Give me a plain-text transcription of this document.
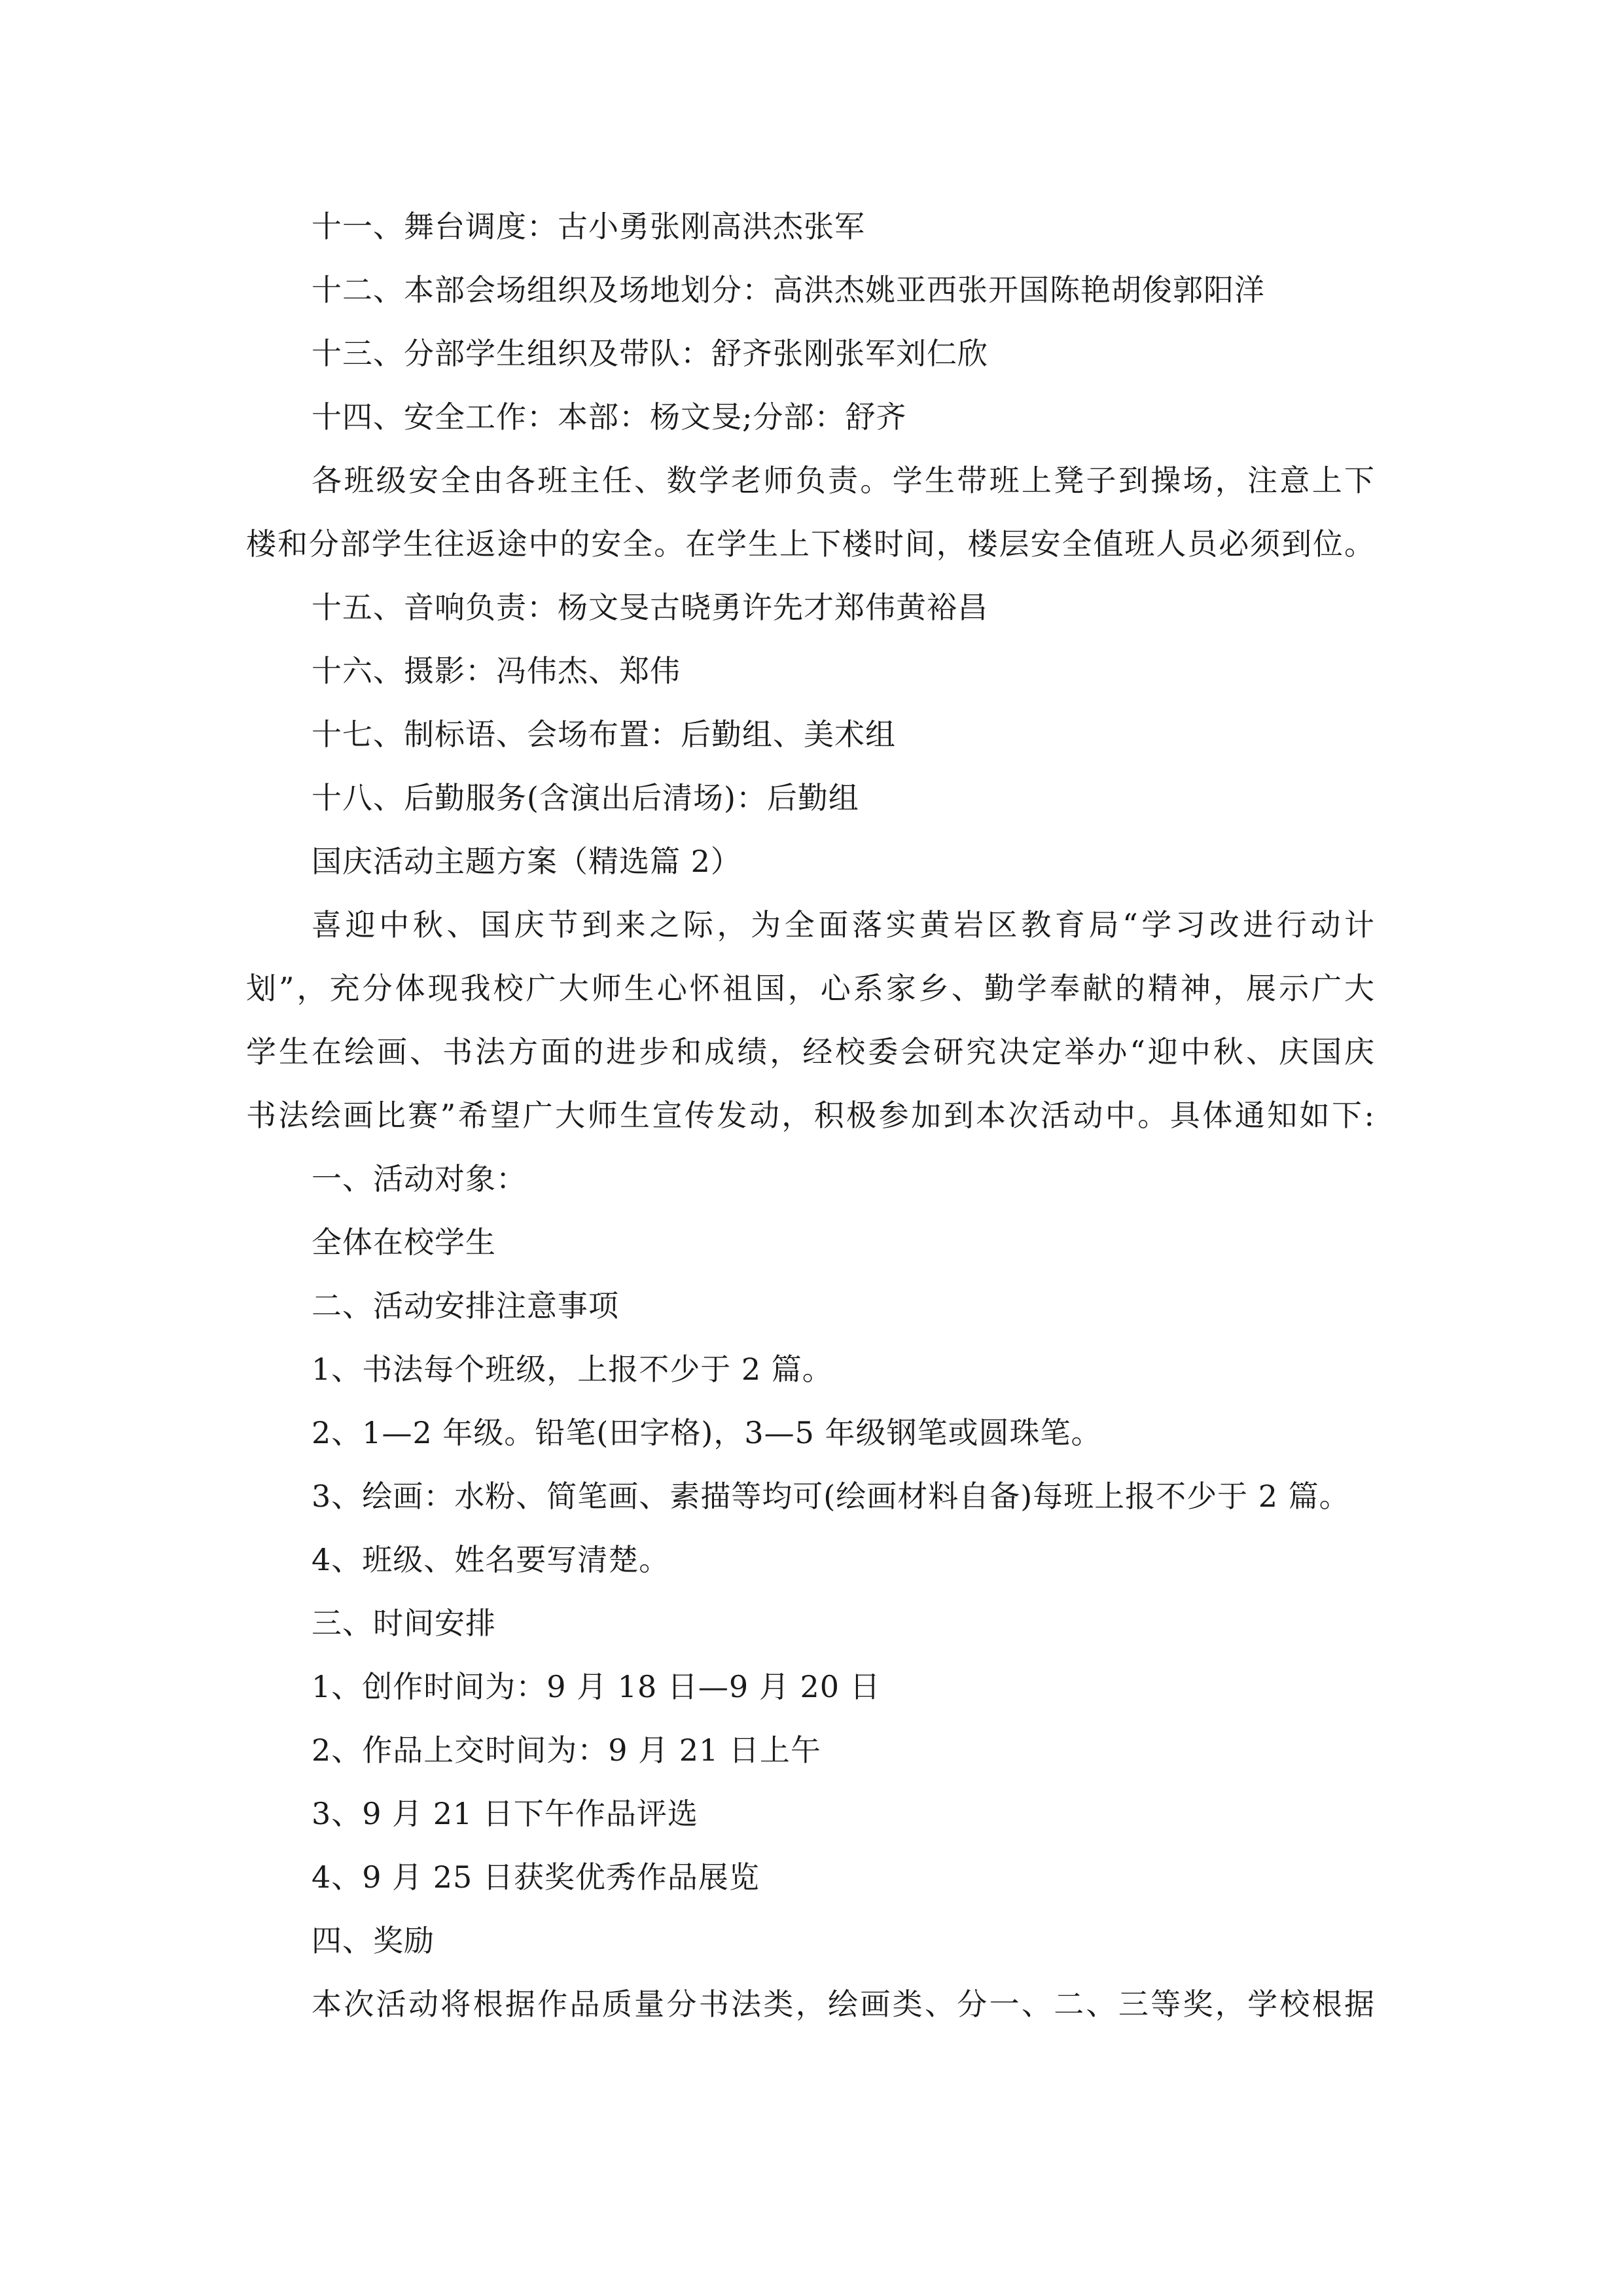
十一、舞台调度：古小勇张刚高洪杰张军
十二、本部会场组织及场地划分：高洪杰姚亚西张开国陈艳胡俊郭阳洋
十三、分部学生组织及带队：舒齐张刚张军刘仁欣
十四、安全工作：本部：杨文旻;分部：舒齐
各班级安全由各班主任、数学老师负责。学生带班上凳子到操场，注意上下
楼和分部学生往返途中的安全。在学生上下楼时间，楼层安全值班人员必须到位。
十五、音响负责：杨文旻古晓勇许先才郑伟黄裕昌
十六、摄影：冯伟杰、郑伟
十七、制标语、会场布置：后勤组、美术组
十八、后勤服务(含演出后清场)：后勤组
国庆活动主题方案（精选篇 2）
喜迎中秋、国庆节到来之际，为全面落实黄岩区教育局“学习改进行动计
划”，充分体现我校广大师生心怀祖国，心系家乡、勤学奉献的精神，展示广大
学生在绘画、书法方面的进步和成绩，经校委会研究决定举办“迎中秋、庆国庆
书法绘画比赛”希望广大师生宣传发动，积极参加到本次活动中。具体通知如下:
一、活动对象：
全体在校学生
二、活动安排注意事项
1、书法每个班级，上报不少于 2 篇。
2、1—2 年级。铅笔(田字格)，3—5 年级钢笔或圆珠笔。
3、绘画：水粉、简笔画、素描等均可(绘画材料自备)每班上报不少于 2 篇。
4、班级、姓名要写清楚。
三、时间安排
1、创作时间为：9 月 18 日—9 月 20 日
2、作品上交时间为：9 月 21 日上午
3、9 月 21 日下午作品评选
4、9 月 25 日获奖优秀作品展览
四、奖励
本次活动将根据作品质量分书法类，绘画类、分一、二、三等奖，学校根据
